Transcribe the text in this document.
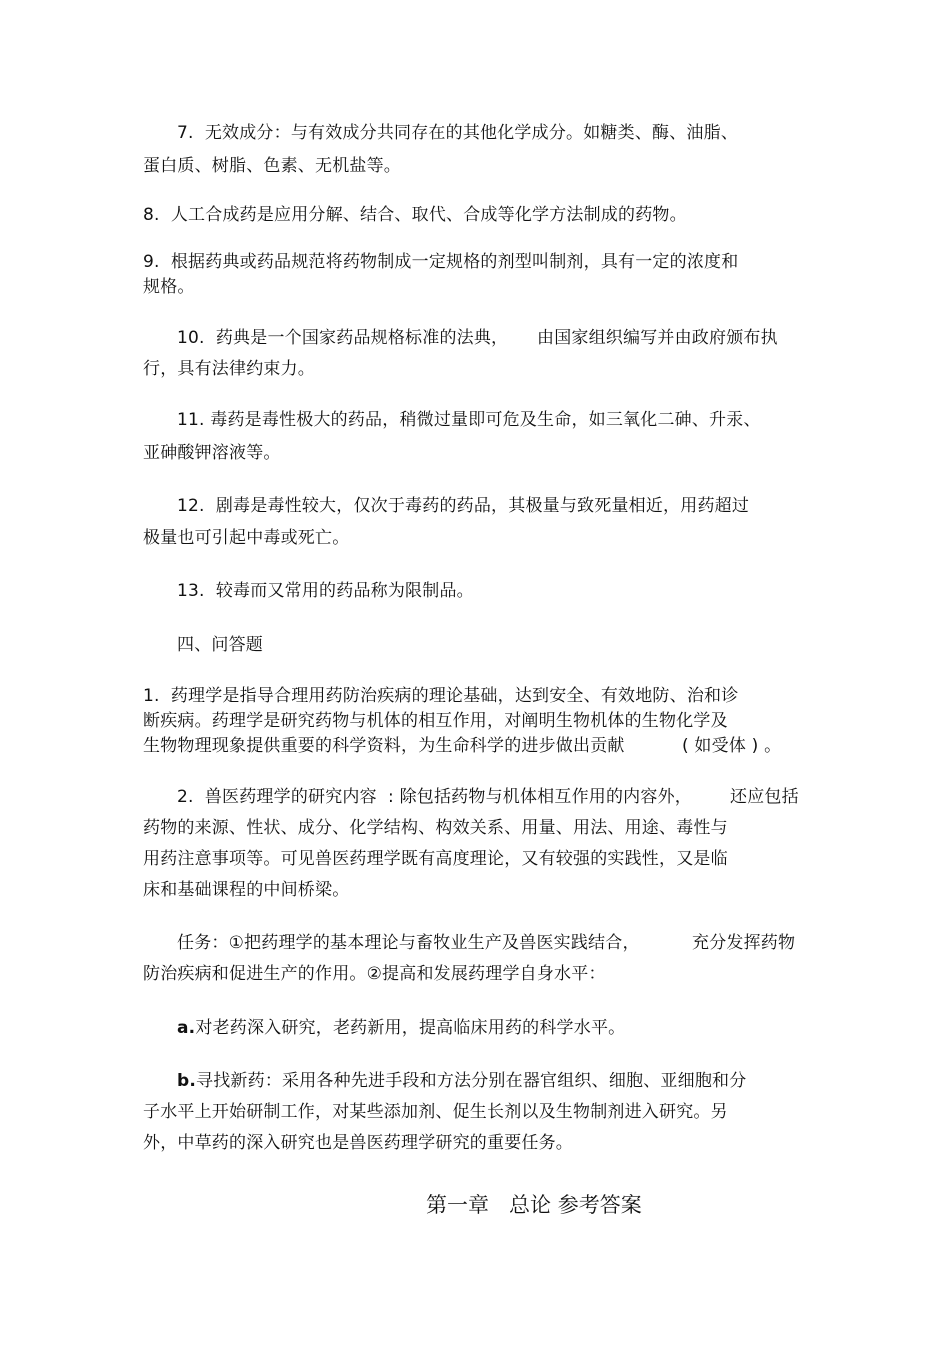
7.  无效成分：与有效成分共同存在的其他化学成分。如糖类、酶、油脂、
蛋白质、树脂、色素、无机盐等。
8.  人工合成药是应用分解、结合、取代、合成等化学方法制成的药物。
9.  根据药典或药品规范将药物制成一定规格的剂型叫制剂，具有一定的浓度和
规格。
10.  药典是一个国家药品规格标准的法典， 由国家组织编写并由政府颁布执
行，具有法律约束力。
11. 毒药是毒性极大的药品，稍微过量即可危及生命，如三氧化二砷、升汞、
亚砷酸钾溶液等。
12.  剧毒是毒性较大，仅次于毒药的药品，其极量与致死量相近，用药超过
极量也可引起中毒或死亡。
13.  较毒而又常用的药品称为限制品。
四、问答题
1.  药理学是指导合理用药防治疾病的理论基础，达到安全、有效地防、治和诊
断疾病。药理学是研究药物与机体的相互作用，对阐明生物机体的生物化学及
生物物理现象提供重要的科学资料，为生命科学的进步做出贡献	( 如受体 ) 。
2.  兽医药理学的研究内容  : 除包括药物与机体相互作用的内容外， 还应包括
药物的来源、性状、成分、化学结构、构效关系、用量、用法、用途、毒性与
用药注意事项等。可见兽医药理学既有高度理论，又有较强的实践性，又是临
床和基础课程的中间桥梁。
任务：①把药理学的基本理论与畜牧业生产及兽医实践结合，	充分发挥药物
防治疾病和促进生产的作用。②提高和发展药理学自身水平：
a.对老药深入研究，老药新用，提高临床用药的科学水平。
b.寻找新药：采用各种先进手段和方法分别在器官组织、细胞、亚细胞和分
子水平上开始研制工作，对某些添加剂、促生长剂以及生物制剂进入研究。另
外，中草药的深入研究也是兽医药理学研究的重要任务。
第一章   总论 参考答案
